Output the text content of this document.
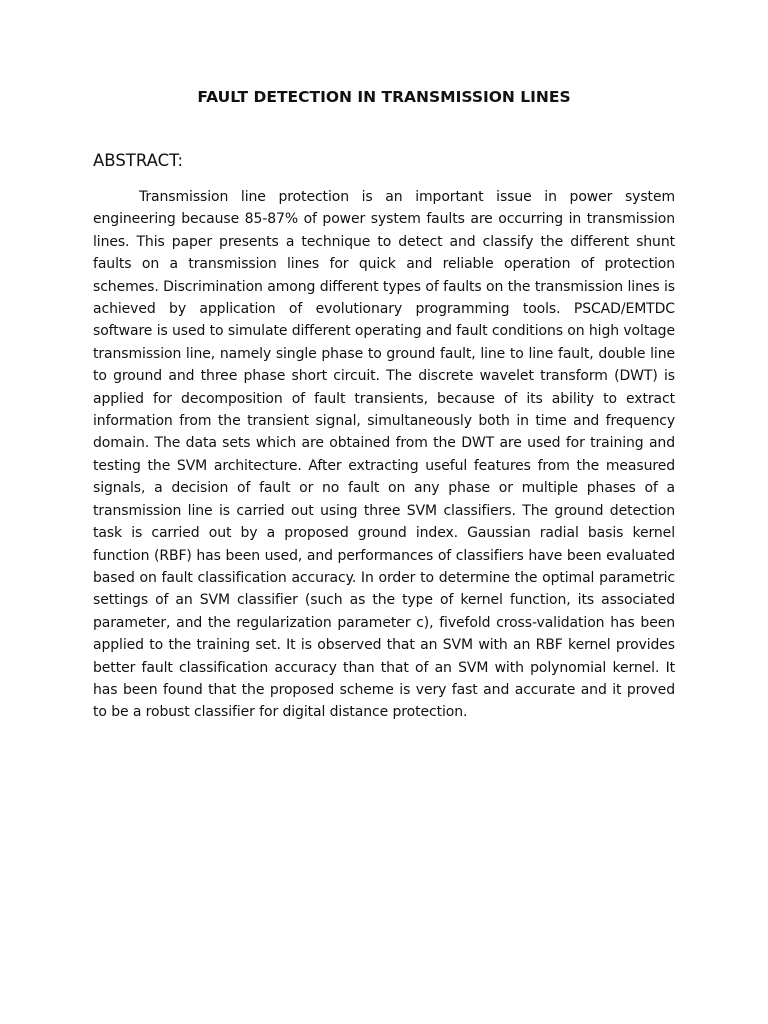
FAULT DETECTION IN TRANSMISSION LINES
ABSTRACT:

Transmission line protection is an important issue in power system engineering because 85-87% of power system faults are occurring in transmission lines. This paper presents a technique to detect and classify the different shunt faults on a transmission lines for quick and reliable operation of protection schemes. Discrimination among different types of faults on the transmission lines is achieved by application of evolutionary programming tools. PSCAD/EMTDC software is used to simulate different operating and fault conditions on high voltage transmission line, namely single phase to ground fault, line to line fault, double line to ground and three phase short circuit. The discrete wavelet transform (DWT) is applied for decomposition of fault transients, because of its ability to extract information from the transient signal, simultaneously both in time and frequency domain. The data sets which are obtained from the DWT are used for training and testing the SVM architecture. After extracting useful features from the measured signals, a decision of fault or no fault on any phase or multiple phases of a transmission line is carried out using three SVM classifiers. The ground detection task is carried out by a proposed ground index. Gaussian radial basis kernel function (RBF) has been used, and performances of classifiers have been evaluated based on fault classification accuracy. In order to determine the optimal parametric settings of an SVM classifier (such as the type of kernel function, its associated parameter, and the regularization parameter c), fivefold cross-validation has been applied to the training set. It is observed that an SVM with an RBF kernel provides better fault classification accuracy than that of an SVM with polynomial kernel. It has been found that the proposed scheme is very fast and accurate and it proved to be a robust classifier for digital distance protection.
